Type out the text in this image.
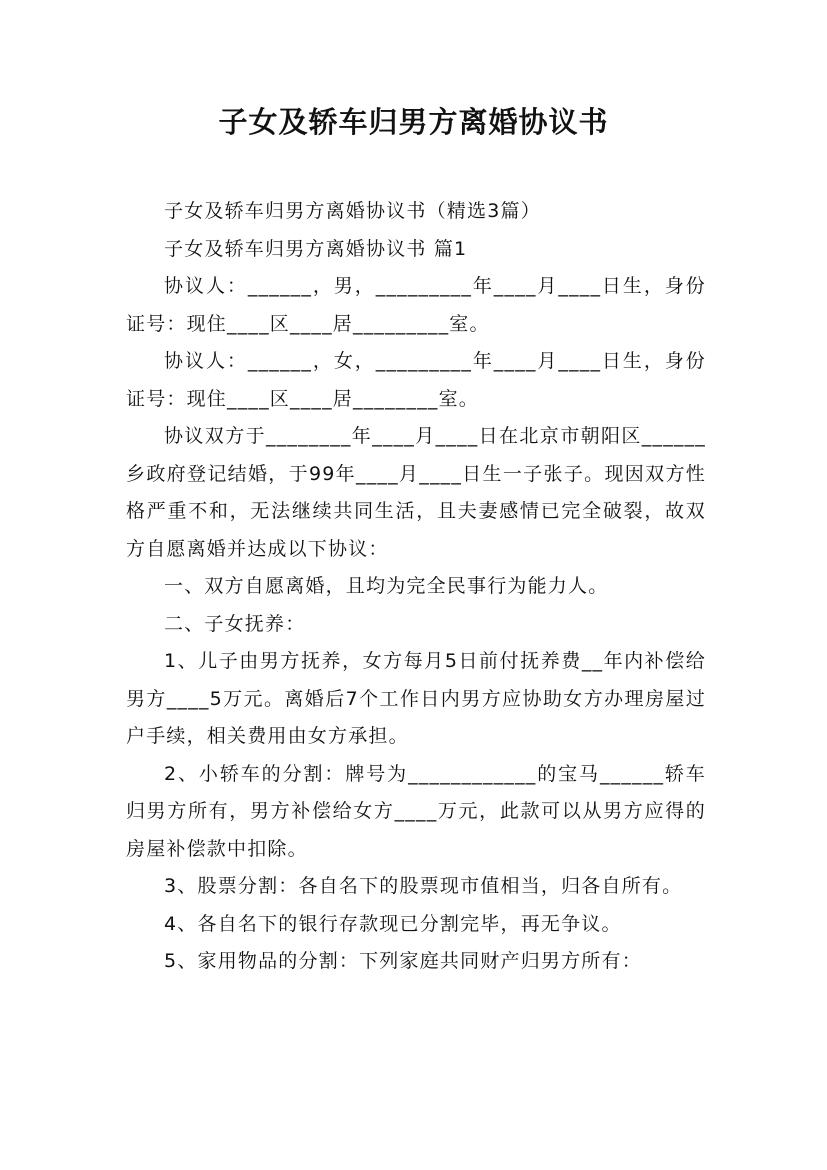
子女及轿车归男方离婚协议书

子女及轿车归男方离婚协议书（精选3篇）

子女及轿车归男方离婚协议书 篇1

协议人：______，男，_________年____月____日生，身份证号：现住____区____居_________室。

协议人：______，女，_________年____月____日生，身份证号：现住____区____居________室。

协议双方于________年____月____日在北京市朝阳区______乡政府登记结婚，于99年____月____日生一子张子。现因双方性格严重不和，无法继续共同生活，且夫妻感情已完全破裂，故双方自愿离婚并达成以下协议：

一、双方自愿离婚，且均为完全民事行为能力人。

二、子女抚养：

1、儿子由男方抚养，女方每月5日前付抚养费__年内补偿给男方____5万元。离婚后7个工作日内男方应协助女方办理房屋过户手续，相关费用由女方承担。

2、小轿车的分割：牌号为____________的宝马______轿车归男方所有，男方补偿给女方____万元，此款可以从男方应得的房屋补偿款中扣除。

3、股票分割：各自名下的股票现市值相当，归各自所有。

4、各自名下的银行存款现已分割完毕，再无争议。

5、家用物品的分割：下列家庭共同财产归男方所有：
